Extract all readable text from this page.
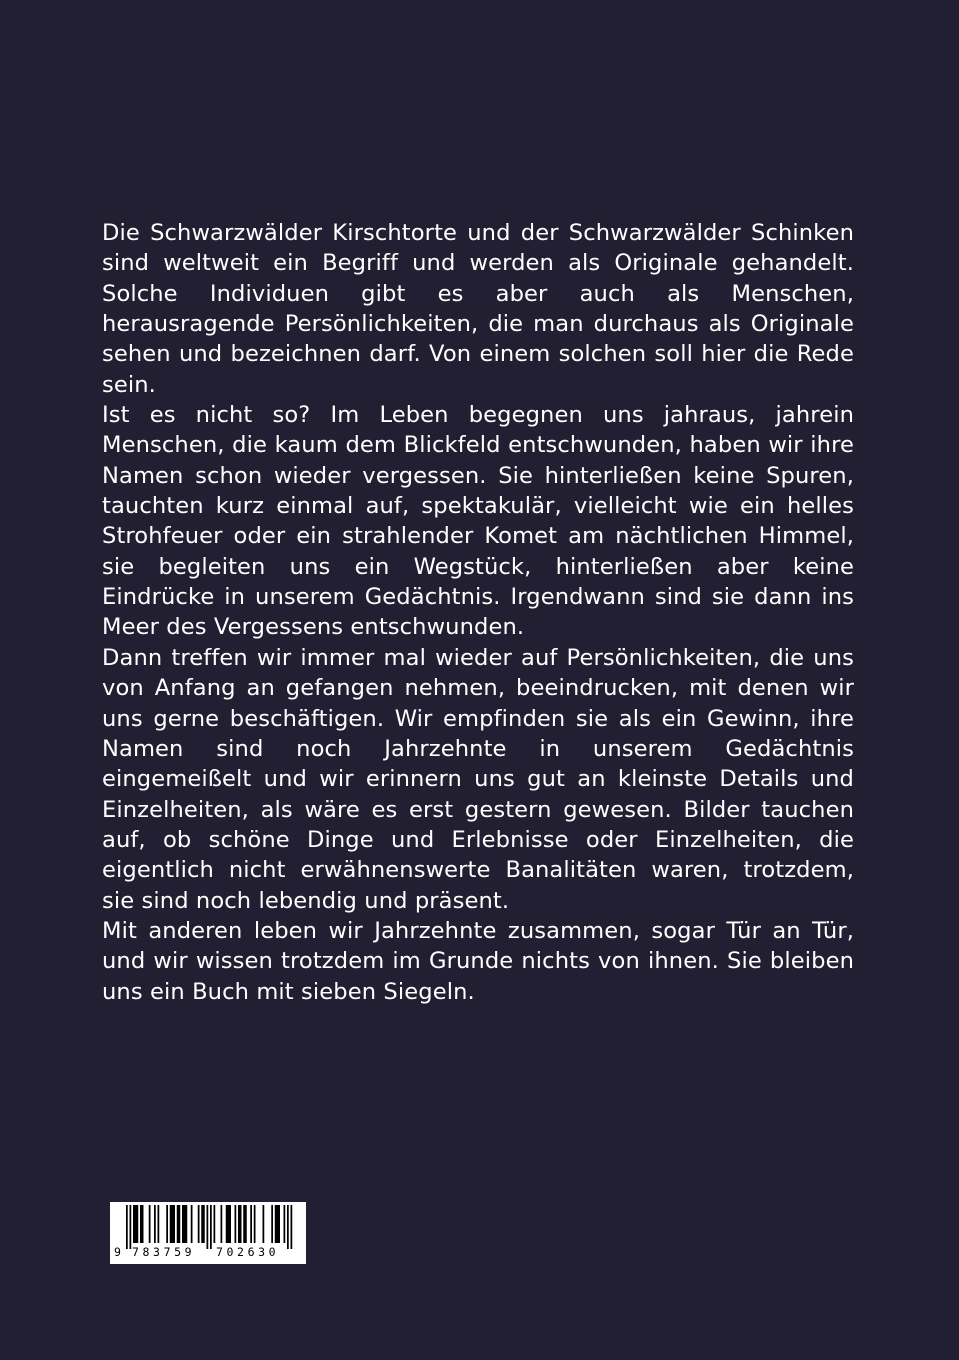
Die Schwarzwälder Kirschtorte und der Schwarzwälder Schinken sind weltweit ein Begriff und werden als Originale gehandelt. Solche Individuen gibt es aber auch als Menschen, herausragende Persönlichkeiten, die man durchaus als Originale sehen und bezeichnen darf. Von einem solchen soll hier die Rede sein.

Ist es nicht so? Im Leben begegnen uns jahraus, jahrein Menschen, die kaum dem Blickfeld entschwunden, haben wir ihre Namen schon wieder vergessen. Sie hinterließen keine Spuren, tauchten kurz einmal auf, spektakulär, vielleicht wie ein helles Strohfeuer oder ein strahlender Komet am nächtlichen Himmel, sie begleiten uns ein Wegstück, hinterließen aber keine Eindrücke in unserem Gedächtnis. Irgendwann sind sie dann ins Meer des Vergessens entschwunden.

Dann treffen wir immer mal wieder auf Persönlichkeiten, die uns von Anfang an gefangen nehmen, beeindrucken, mit denen wir uns gerne beschäftigen. Wir empfinden sie als ein Gewinn, ihre Namen sind noch Jahrzehnte in unserem Gedächtnis eingemeißelt und wir erinnern uns gut an kleinste Details und Einzelheiten, als wäre es erst gestern gewesen. Bilder tauchen auf, ob schöne Dinge und Erlebnisse oder Einzelheiten, die eigentlich nicht erwähnenswerte Banalitäten waren, trotzdem, sie sind noch lebendig und präsent.

Mit anderen leben wir Jahrzehnte zusammen, sogar Tür an Tür, und wir wissen trotzdem im Grunde nichts von ihnen. Sie bleiben uns ein Buch mit sieben Siegeln.

9

783759

702630
